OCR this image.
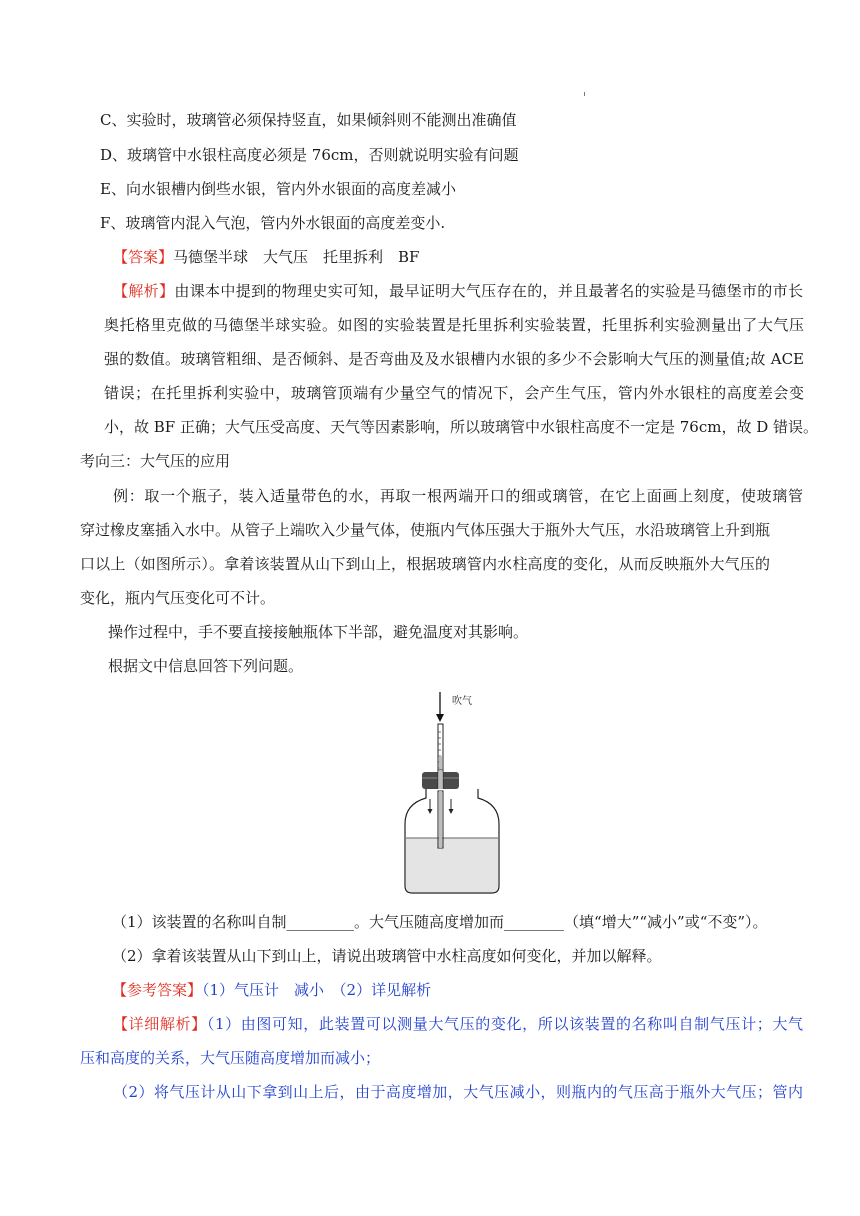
C、实验时，玻璃管必须保持竖直，如果倾斜则不能测出准确值
D、玻璃管中水银柱高度必须是 76cm，否则就说明实验有问题
E、向水银槽内倒些水银，管内外水银面的高度差减小
F、玻璃管内混入气泡，管内外水银面的高度差变小.
【答案】马德堡半球　大气压　托里拆利　BF
【解析】由课本中提到的物理史实可知，最早证明大气压存在的，并且最著名的实验是马德堡市的市长
奥托格里克做的马德堡半球实验。如图的实验装置是托里拆利实验装置，托里拆利实验测量出了大气压
强的数值。玻璃管粗细、是否倾斜、是否弯曲及及水银槽内水银的多少不会影响大气压的测量值;故 ACE
错误；在托里拆利实验中，玻璃管顶端有少量空气的情况下，会产生气压，管内外水银柱的高度差会变
小，故 BF 正确；大气压受高度、天气等因素影响，所以玻璃管中水银柱高度不一定是 76cm，故 D 错误。
考向三：大气压的应用
例：取一个瓶子，装入适量带色的水，再取一根两端开口的细或璃管，在它上面画上刻度，使玻璃管
穿过橡皮塞插入水中。从管子上端吹入少量气体，使瓶内气体压强大于瓶外大气压，水沿玻璃管上升到瓶
口以上（如图所示）。拿着该装置从山下到山上，根据玻璃管内水柱高度的变化，从而反映瓶外大气压的
变化，瓶内气压变化可不计。
操作过程中，手不要直接接触瓶体下半部，避免温度对其影响。
根据文中信息回答下列问题。
吹气
（1）该装置的名称叫自制_________。大气压随高度增加而________（填“增大”“减小”或“不变”）。
（2）拿着该装置从山下到山上，请说出玻璃管中水柱高度如何变化，并加以解释。
【参考答案】（1）气压计　减小　（2）详见解析
【详细解析】（1）由图可知，此装置可以测量大气压的变化，所以该装置的名称叫自制气压计；大气
压和高度的关系，大气压随高度增加而减小；
（2）将气压计从山下拿到山上后，由于高度增加，大气压减小，则瓶内的气压高于瓶外大气压；管内
